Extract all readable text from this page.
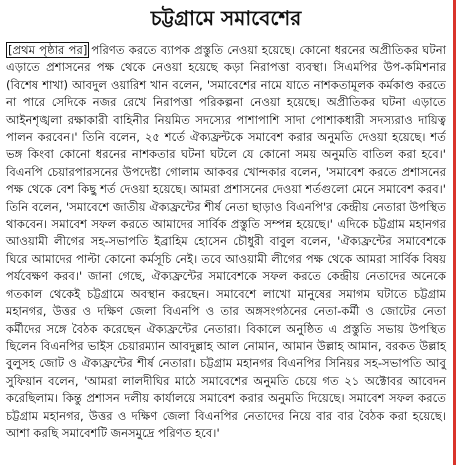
চট্টগ্রামে সমাবেশের
[প্রথম পৃষ্ঠার পর] পরিণত করতে ব্যাপক প্রস্তুতি নেওয়া হয়েছে। কোনো ধরনের অপ্রীতিকর ঘটনা এড়াতে প্রশাসনের পক্ষ থেকে নেওয়া হয়েছে কড়া নিরাপত্তা ব্যবস্থা। সিএমপির উপ-কমিশনার (বিশেষ শাখা) আবদুল ওয়ারিশ খান বলেন, 'সমাবেশের নামে যাতে নাশকতামূলক কর্মকাণ্ড করতে না পারে সেদিকে নজর রেখে নিরাপত্তা পরিকল্পনা নেওয়া হয়েছে। অপ্রীতিকর ঘটনা এড়াতে আইনশৃঙ্খলা রক্ষাকারী বাহিনীর নিয়মিত সদস্যের পাশাপাশি সাদা পোশাকধারী সদস্যরাও দায়িত্ব পালন করবেন।' তিনি বলেন, ২৫ শর্তে ঐক্যফ্রন্টকে সমাবেশ করার অনুমতি দেওয়া হয়েছে। শর্ত ভঙ্গ কিংবা কোনো ধরনের নাশকতার ঘটনা ঘটলে যে কোনো সময় অনুমতি বাতিল করা হবে।' বিএনপি চেয়ারপারসনের উপদেষ্টা গোলাম আকবর খোন্দকার বলেন, 'সমাবেশ করতে প্রশাসনের পক্ষ থেকে বেশ কিছু শর্ত দেওয়া হয়েছে। আমরা প্রশাসনের দেওয়া শর্তগুলো মেনে সমাবেশ করব।' তিনি বলেন, 'সমাবেশে জাতীয় ঐক্যফ্রন্টের শীর্ষ নেতা ছাড়াও বিএনপি'র কেন্দ্রীয় নেতারা উপস্থিত থাকবেন। সমাবেশ সফল করতে আমাদের সার্বিক প্রস্তুতি সম্পন্ন হয়েছে।' এদিকে চট্টগ্রাম মহানগর আওয়ামী লীগের সহ-সভাপতি ইব্রাহিম হোসেন চৌধুরী বাবুল বলেন, 'ঐক্যফ্রন্টের সমাবেশকে ঘিরে আমাদের পাল্টা কোনো কর্মসূচি নেই। তবে আওয়ামী লীগের পক্ষ থেকে আমরা সার্বিক বিষয় পর্যবেক্ষণ করব।' জানা গেছে, ঐক্যফ্রন্টের সমাবেশকে সফল করতে কেন্দ্রীয় নেতাদের অনেকে গতকাল থেকেই চট্টগ্রামে অবস্থান করছেন। সমাবেশে লাখো মানুষের সমাগম ঘটাতে চট্টগ্রাম মহানগর, উত্তর ও দক্ষিণ জেলা বিএনপি ও তার অঙ্গসংগঠনের নেতা-কর্মী ও জোটের নেতা কর্মীদের সঙ্গে বৈঠক করেছেন ঐক্যফ্রন্টের নেতারা। বিকালে অনুষ্ঠিত এ প্রস্তুতি সভায় উপস্থিত ছিলেন বিএনপির ভাইস চেয়ারম্যান আবদুল্লাহ আল নোমান, আমান উল্লাহ আমান, বরকত উল্লাহ বুলুসহ জোট ও ঐক্যফ্রন্টের শীর্ষ নেতারা। চট্টগ্রাম মহানগর বিএনপির সিনিয়র সহ-সভাপতি আবু সুফিয়ান বলেন, 'আমরা লালদীঘির মাঠে সমাবেশের অনুমতি চেয়ে গত ২১ অক্টোবর আবেদন করেছিলাম। কিন্তু প্রশাসন দলীয় কার্যালয়ে সমাবেশ করার অনুমতি দিয়েছে। সমাবেশ সফল করতে চট্টগ্রাম মহানগর, উত্তর ও দক্ষিণ জেলা বিএনপির নেতাদের নিয়ে বার বার বৈঠক করা হয়েছে। আশা করছি সমাবেশটি জনসমুদ্রে পরিণত হবে।'
